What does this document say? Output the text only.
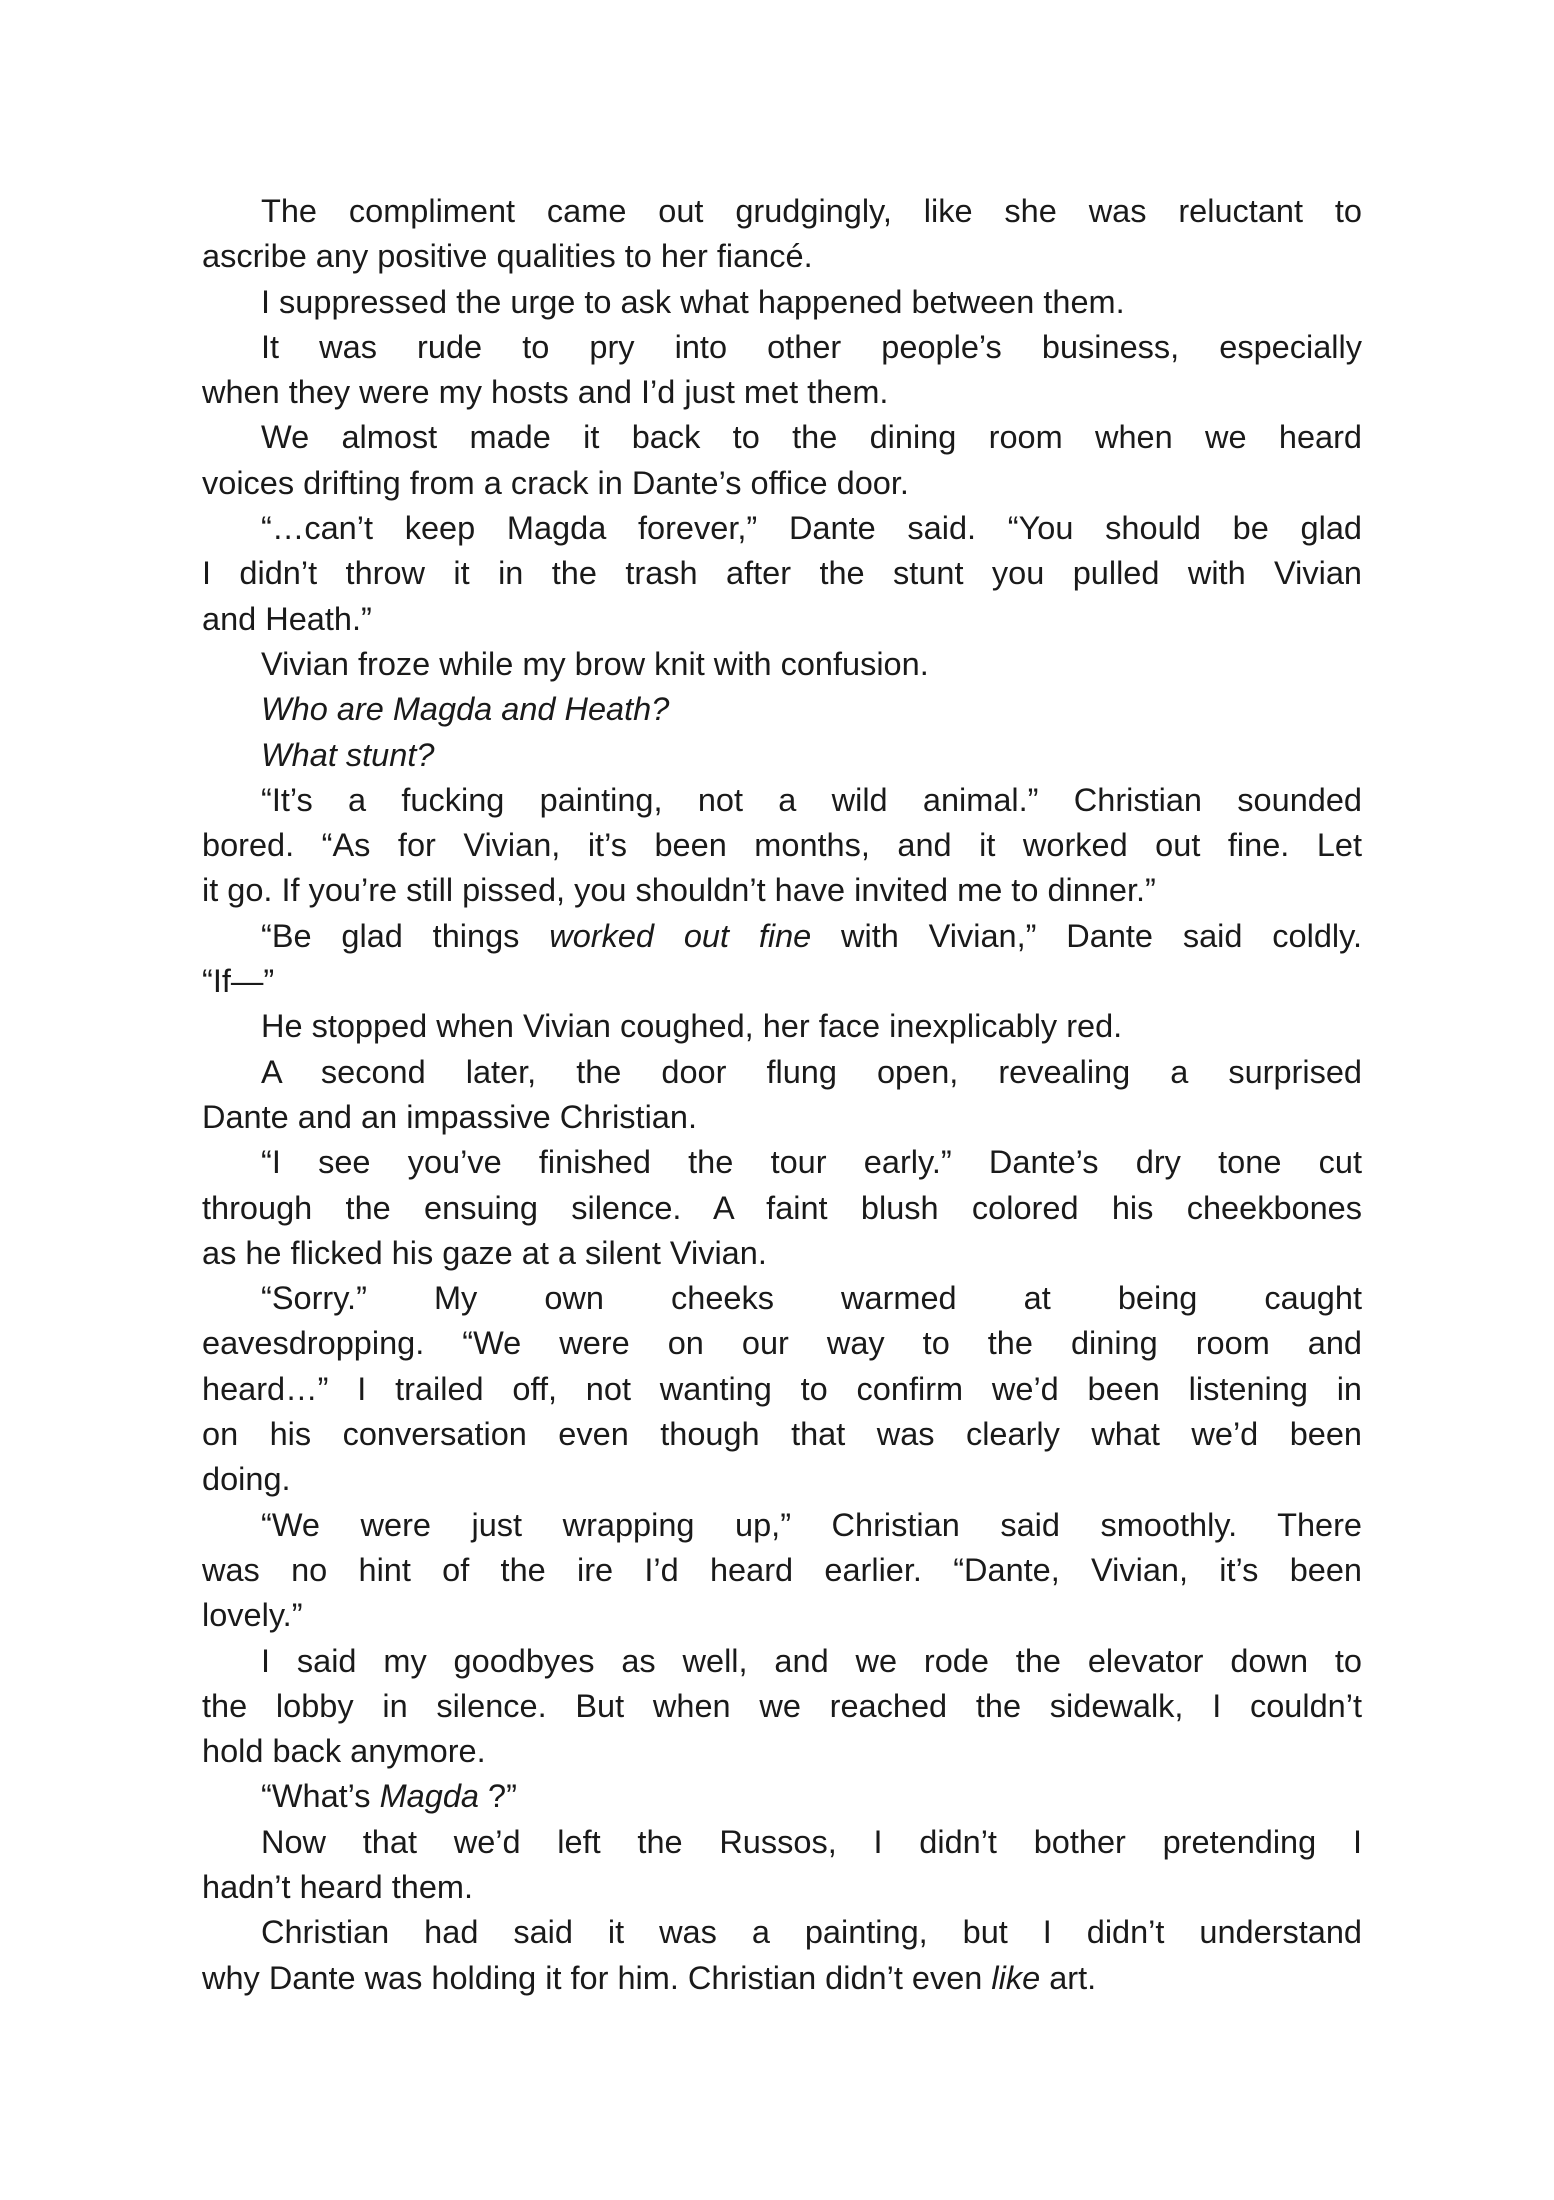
The compliment came out grudgingly, like she was reluctant to
ascribe any positive qualities to her fiancé.
I suppressed the urge to ask what happened between them.
It was rude to pry into other people’s business, especially
when they were my hosts and I’d just met them.
We almost made it back to the dining room when we heard
voices drifting from a crack in Dante’s office door.
“…can’t keep Magda forever,” Dante said. “You should be glad
I didn’t throw it in the trash after the stunt you pulled with Vivian
and Heath.”
Vivian froze while my brow knit with confusion.
Who are Magda and Heath?
What stunt?
“It’s a fucking painting, not a wild animal.” Christian sounded
bored. “As for Vivian, it’s been months, and it worked out fine. Let
it go. If you’re still pissed, you shouldn’t have invited me to dinner.”
“Be glad things worked out fine with Vivian,” Dante said coldly.
“If—”
He stopped when Vivian coughed, her face inexplicably red.
A second later, the door flung open, revealing a surprised
Dante and an impassive Christian.
“I see you’ve finished the tour early.” Dante’s dry tone cut
through the ensuing silence. A faint blush colored his cheekbones
as he flicked his gaze at a silent Vivian.
“Sorry.” My own cheeks warmed at being caught
eavesdropping. “We were on our way to the dining room and
heard…” I trailed off, not wanting to confirm we’d been listening in
on his conversation even though that was clearly what we’d been
doing.
“We were just wrapping up,” Christian said smoothly. There
was no hint of the ire I’d heard earlier. “Dante, Vivian, it’s been
lovely.”
I said my goodbyes as well, and we rode the elevator down to
the lobby in silence. But when we reached the sidewalk, I couldn’t
hold back anymore.
“What’s Magda ?”
Now that we’d left the Russos, I didn’t bother pretending I
hadn’t heard them.
Christian had said it was a painting, but I didn’t understand
why Dante was holding it for him. Christian didn’t even like art.
